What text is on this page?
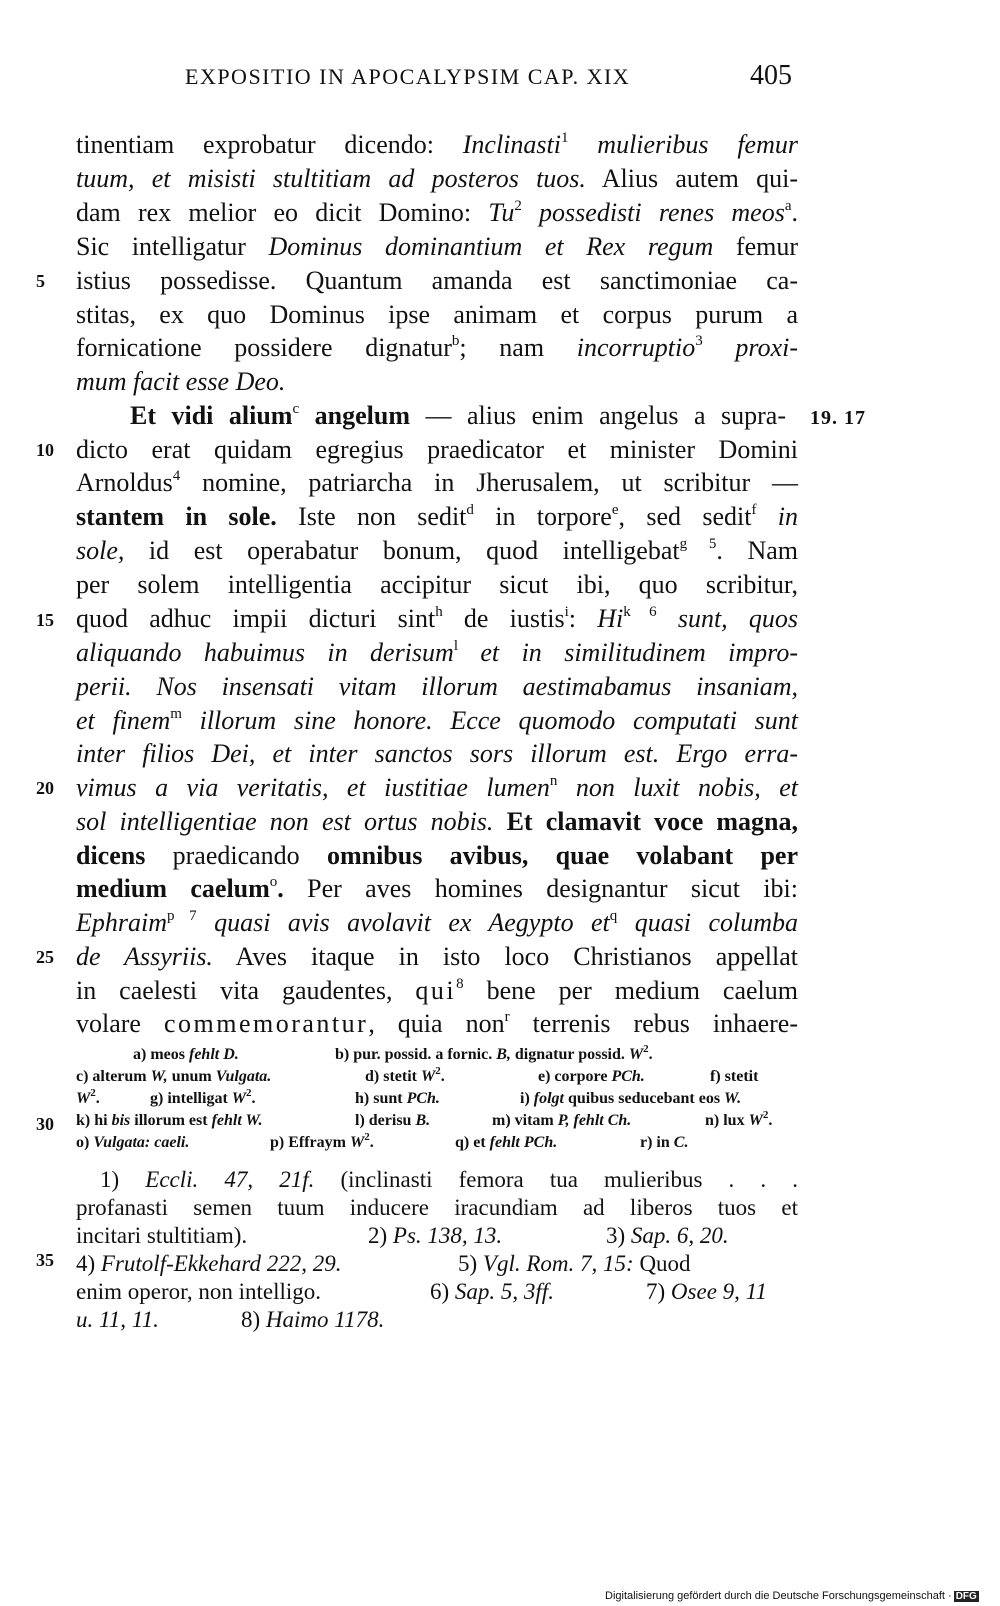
EXPOSITIO IN APOCALYPSIM CAP. XIX	405
5
10
15
20
25
30
35
19. 17
tinentiam exprobatur dicendo: Inclinasti$^1$ mulieribus femur
tuum, et misisti stultitiam ad posteros tuos. Alius autem qui-
dam rex melior eo dicit Domino: Tu$^2$ possedisti renes meos$^a$.
Sic intelligatur Dominus dominantium et Rex regum femur
istius possedisse. Quantum amanda est sanctimoniae ca-
stitas, ex quo Dominus ipse animam et corpus purum a
fornicatione possidere dignatur$^b$; nam incorruptio$^3$ proxi-
mum facit esse Deo.
Et vidi alium$^c$ angelum — alius enim angelus a supra-
dicto erat quidam egregius praedicator et minister Domini
Arnoldus$^4$ nomine, patriarcha in Jherusalem, ut scribitur —
stantem in sole. Iste non sedit$^d$ in torpore$^e$, sed sedit$^f$ in
sole, id est operabatur bonum, quod intelligebat$^{g 5}$. Nam
per solem intelligentia accipitur sicut ibi, quo scribitur,
quod adhuc impii dicturi sint$^h$ de iustis$^i$: $Hi^{k 6}$ sunt, quos
aliquando habuimus in derisum$^l$ et in similitudinem impro-
perii. Nos insensati vitam illorum aestimabamus insaniam,
et finem$^m$ illorum sine honore. Ecce quomodo computati sunt
inter filios Dei, et inter sanctos sors illorum est. Ergo erra-
vimus a via veritatis, et iustitiae lumen$^n$ non luxit nobis, et
sol intelligentiae non est ortus nobis. Et clamavit voce magna,
dicens praedicando omnibus avibus, quae volabant per
medium caelum$^o$. Per aves homines designantur sicut ibi:
Ephraim$^{p 7}$ quasi avis avolavit ex Aegypto $et^q$ quasi columba
de Assyriis. Aves itaque in isto loco Christianos appellat
in caelesti vita gaudentes, qui$^8$ bene per medium caelum
volare commemorantur, quia non$^r$ terrenis rebus inhaere-
a) meos fehlt D.	b) pur. possid. a fornic. B, dignatur possid. $W^2$.
c) alterum W, unum Vulgata.	d) stetit $W^2$.	e) corpore PCh.	f) stetit
$W^2$.	g) intelligat $W^2$.	h) sunt PCh.	i) folgt quibus seducebant eos W.
k) hi bis illorum est fehlt W.	l) derisu B.	m) vitam P, fehlt Ch.	n) lux $W^2$.
o) Vulgata: caeli.	p) Effraym $W^2$.	q) et fehlt PCh.	r) in C.
1) Eccli. 47, 21f. (inclinasti femora tua mulieribus . . .
profanasti semen tuum inducere iracundiam ad liberos tuos et
incitari stultitiam).	2) Ps. 138, 13.	3) Sap. 6, 20.
4) Frutolf-Ekkehard 222, 29.	5) Vgl. Rom. 7, 15: Quod
enim operor, non intelligo.	6) Sap. 5, 3ff.	7) Osee 9, 11
u. 11, 11.	8) Haimo 1178.
Digitalisierung gefördert durch die Deutsche Forschungsgemeinschaft · DFG
